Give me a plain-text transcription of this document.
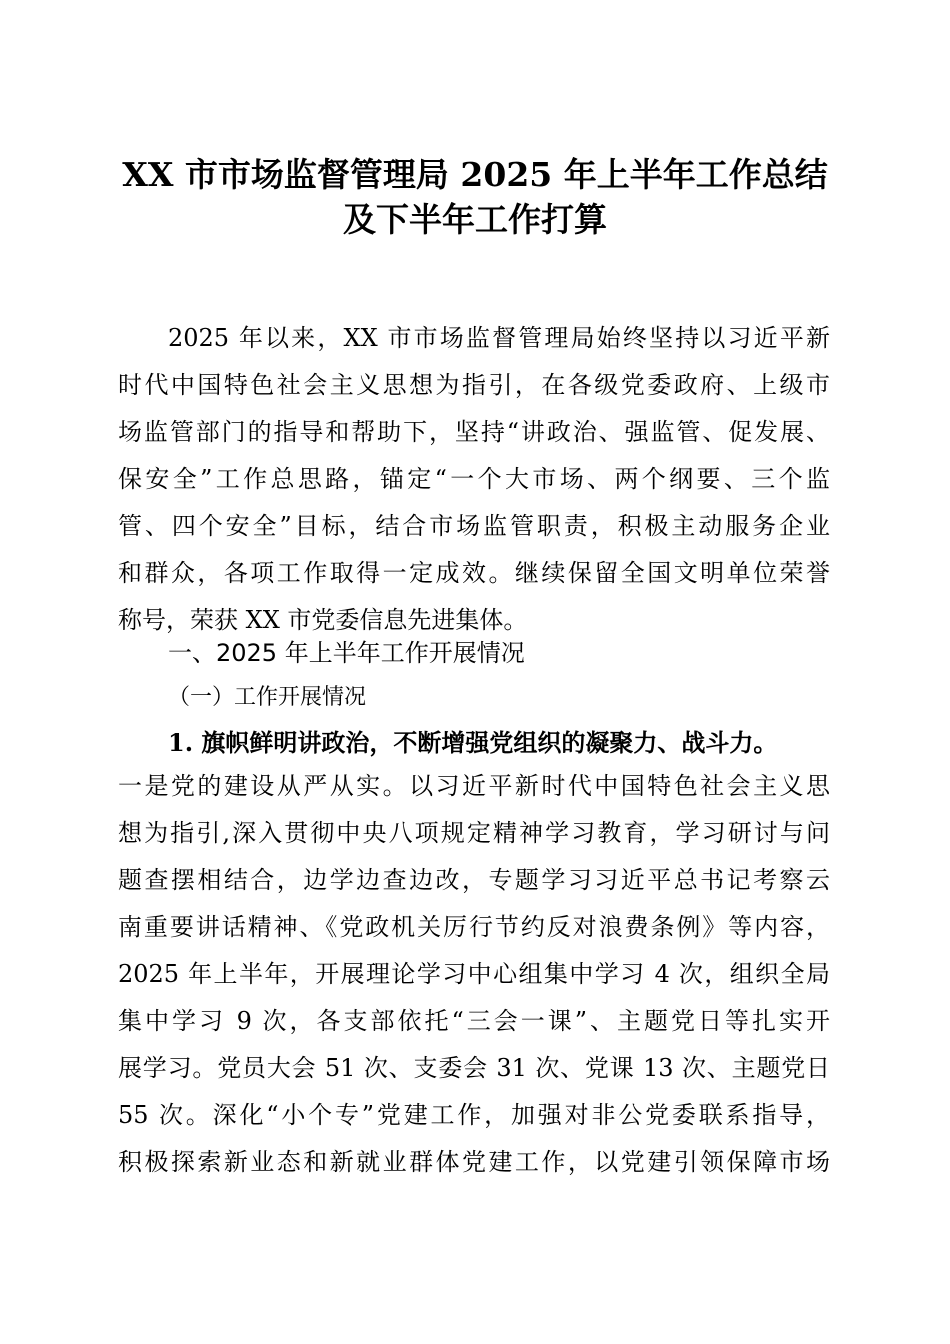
XX 市市场监督管理局 2025 年上半年工作总结
及下半年工作打算
2025 年以来，XX 市市场监督管理局始终坚持以习近平新
时代中国特色社会主义思想为指引，在各级党委政府、上级市
场监管部门的指导和帮助下，坚持“讲政治、强监管、促发展、
保安全”工作总思路，锚定“一个大市场、两个纲要、三个监
管、四个安全”目标，结合市场监管职责，积极主动服务企业
和群众，各项工作取得一定成效。继续保留全国文明单位荣誉
称号，荣获 XX 市党委信息先进集体。
一、2025 年上半年工作开展情况
（一）工作开展情况
1. 旗帜鲜明讲政治，不断增强党组织的凝聚力、战斗力。
一是党的建设从严从实。以习近平新时代中国特色社会主义思
想为指引,深入贯彻中央八项规定精神学习教育，学习研讨与问
题查摆相结合，边学边查边改，专题学习习近平总书记考察云
南重要讲话精神、《党政机关厉行节约反对浪费条例》等内容，
2025 年上半年，开展理论学习中心组集中学习 4 次，组织全局
集中学习 9 次，各支部依托“三会一课”、主题党日等扎实开
展学习。党员大会 51 次、支委会 31 次、党课 13 次、主题党日
55 次。深化“小个专”党建工作，加强对非公党委联系指导，
积极探索新业态和新就业群体党建工作，以党建引领保障市场
